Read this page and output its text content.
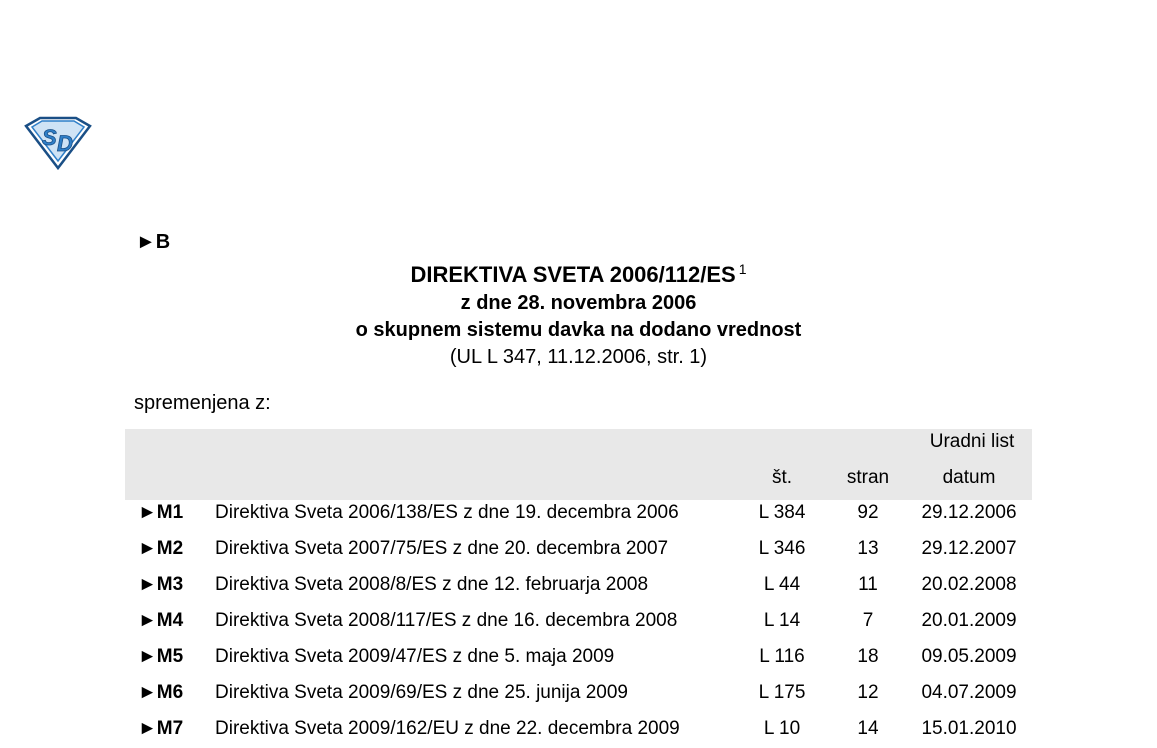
S D
►B
DIREKTIVA SVETA 2006/112/ES $^1$
z dne 28. novembra 2006
o skupnem sistemu davka na dodano vrednost
(UL L 347, 11.12.2006, str. 1)
spremenjena z:
Uradni list
št.	stran	datum
►M1 Direktiva Sveta 2006/138/ES z dne 19. decembra 2006	L 384	92	29.12.2006
►M2 Direktiva Sveta 2007/75/ES z dne 20. decembra 2007	L 346	13	29.12.2007
►M3 Direktiva Sveta 2008/8/ES z dne 12. februarja 2008	L 44	11	20.02.2008
►M4 Direktiva Sveta 2008/117/ES z dne 16. decembra 2008	L 14	7	20.01.2009
►M5 Direktiva Sveta 2009/47/ES z dne 5. maja 2009	L 116	18	09.05.2009
►M6 Direktiva Sveta 2009/69/ES z dne 25. junija 2009	L 175	12	04.07.2009
►M7 Direktiva Sveta 2009/162/EU z dne 22. decembra 2009	L 10	14	15.01.2010
